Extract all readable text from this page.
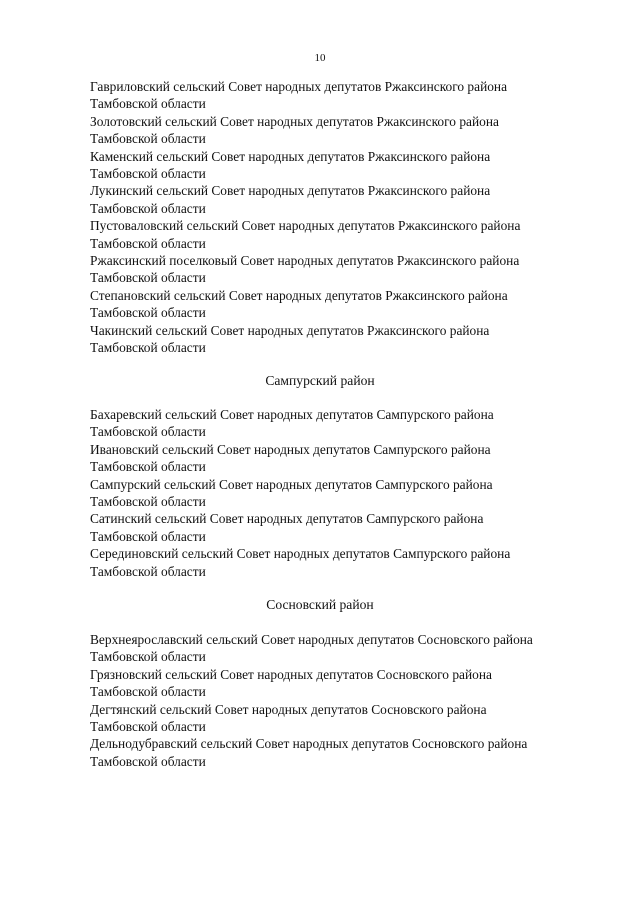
10
Гавриловский сельский Совет народных депутатов Ржаксинского района
Тамбовской области
Золотовский сельский Совет народных депутатов Ржаксинского района
Тамбовской области
Каменский сельский Совет народных депутатов Ржаксинского района
Тамбовской области
Лукинский сельский Совет народных депутатов Ржаксинского района
Тамбовской области
Пустоваловский сельский Совет народных депутатов Ржаксинского района
Тамбовской области
Ржаксинский поселковый Совет народных депутатов Ржаксинского района
Тамбовской области
Степановский сельский Совет народных депутатов Ржаксинского района
Тамбовской области
Чакинский сельский Совет народных депутатов Ржаксинского района
Тамбовской области
Сампурский район
Бахаревский сельский Совет народных депутатов Сампурского района
Тамбовской области
Ивановский сельский Совет народных депутатов Сампурского района
Тамбовской области
Сампурский сельский Совет народных депутатов Сампурского района
Тамбовской области
Сатинский сельский Совет народных депутатов Сампурского района
Тамбовской области
Серединовский сельский Совет народных депутатов Сампурского района
Тамбовской области
Сосновский район
Верхнеярославский сельский Совет народных депутатов Сосновского района
Тамбовской области
Грязновский сельский Совет народных депутатов Сосновского района
Тамбовской области
Дегтянский сельский Совет народных депутатов Сосновского района
Тамбовской области
Дельнодубравский сельский Совет народных депутатов Сосновского района
Тамбовской области
